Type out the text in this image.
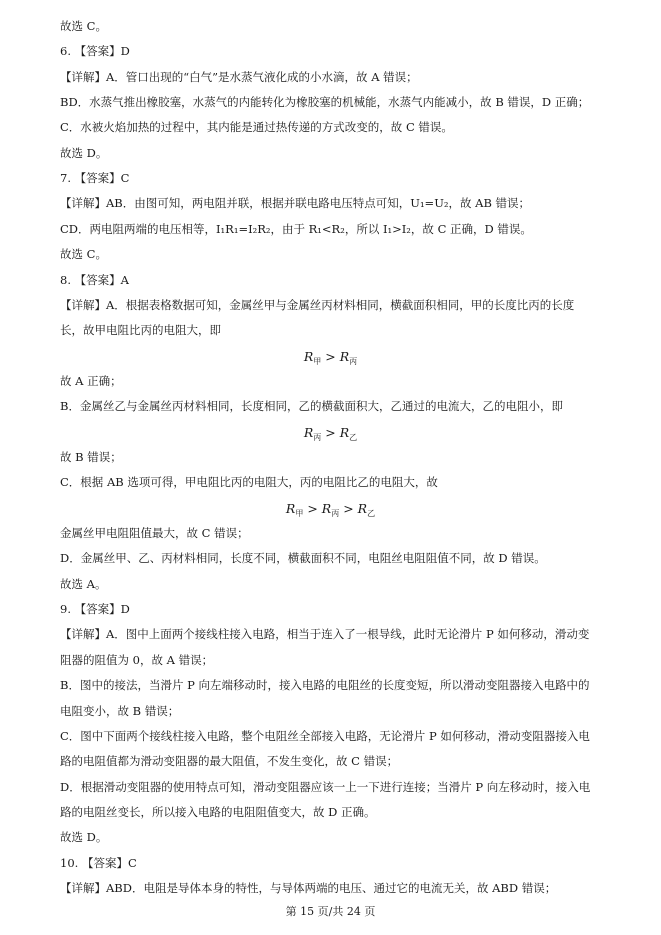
故选 C。
6. 【答案】D
【详解】A．管口出现的“白气”是水蒸气液化成的小水滴，故 A 错误；
BD．水蒸气推出橡胶塞，水蒸气的内能转化为橡胶塞的机械能，水蒸气内能减小，故 B 错误，D 正确；
C．水被火焰加热的过程中，其内能是通过热传递的方式改变的，故 C 错误。
故选 D。
7. 【答案】C
【详解】AB．由图可知，两电阻并联，根据并联电路电压特点可知，U₁=U₂，故 AB 错误；
CD．两电阻两端的电压相等，I₁R₁=I₂R₂，由于 R₁<R₂，所以 I₁>I₂，故 C 正确，D 错误。
故选 C。
8. 【答案】A
【详解】A．根据表格数据可知，金属丝甲与金属丝丙材料相同，横截面积相同，甲的长度比丙的长度
长，故甲电阻比丙的电阻大，即
$R_甲 > R_丙$
故 A 正确；
B．金属丝乙与金属丝丙材料相同，长度相同，乙的横截面积大，乙通过的电流大，乙的电阻小，即
$R_丙 > R_乙$
故 B 错误；
C．根据 AB 选项可得，甲电阻比丙的电阻大，丙的电阻比乙的电阻大，故
$R_甲 > R_丙 > R_乙$
金属丝甲电阻阻值最大，故 C 错误；
D．金属丝甲、乙、丙材料相同，长度不同，横截面积不同，电阻丝电阻阻值不同，故 D 错误。
故选 A。
9. 【答案】D
【详解】A．图中上面两个接线柱接入电路，相当于连入了一根导线，此时无论滑片 P 如何移动，滑动变
阻器的阻值为 0，故 A 错误；
B．图中的接法，当滑片 P 向左端移动时，接入电路的电阻丝的长度变短，所以滑动变阻器接入电路中的
电阻变小，故 B 错误；
C．图中下面两个接线柱接入电路，整个电阻丝全部接入电路，无论滑片 P 如何移动，滑动变阻器接入电
路的电阻值都为滑动变阻器的最大阻值，不发生变化，故 C 错误；
D．根据滑动变阻器的使用特点可知，滑动变阻器应该一上一下进行连接；当滑片 P 向左移动时，接入电
第 15 页/共 24 页
路的电阻丝变长，所以接入电路的电阻阻值变大，故 D 正确。
故选 D。
10. 【答案】C
【详解】ABD．电阻是导体本身的特性，与导体两端的电压、通过它的电流无关，故 ABD 错误；
